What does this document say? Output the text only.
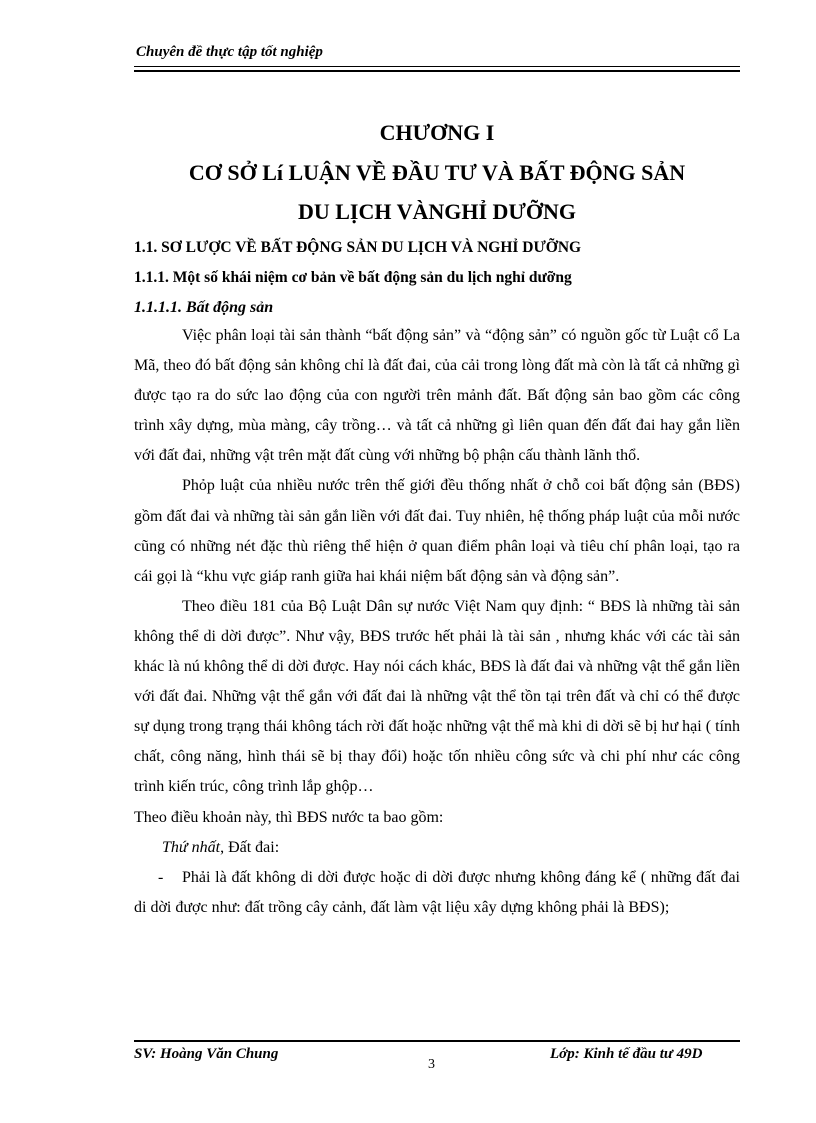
Chuyên đề thực tập tốt nghiệp
CHƯƠNG I
CƠ SỞ Lí LUẬN VỀ ĐẦU TƯ VÀ BẤT ĐỘNG SẢN
DU LỊCH VÀNGHỈ DƯỠNG
1.1. SƠ LƯỢC VỀ BẤT ĐỘNG SẢN DU LỊCH VÀ NGHỈ DƯỠNG
1.1.1. Một số khái niệm cơ bản về bất động sản du lịch nghỉ dưỡng
1.1.1.1. Bất động sản

Việc phân loại tài sản thành “bất động sản” và “động sản” có nguồn gốc từ Luật cổ La Mã, theo đó bất động sản không chỉ là đất đai, của cải trong lòng đất mà còn là tất cả những gì được tạo ra do sức lao động của con người trên mảnh đất. Bất động sản bao gồm các công trình xây dựng, mùa màng, cây trồng… và tất cả những gì liên quan đến đất đai hay gắn liền với đất đai, những vật trên mặt đất cùng với những bộ phận cấu thành lãnh thổ.

Phỏp luật của nhiều nước trên thế giới đều thống nhất ở chỗ coi bất động sản (BĐS) gồm đất đai và những tài sản gắn liền với đất đai. Tuy nhiên, hệ thống pháp luật của mỗi nước cũng có những nét đặc thù riêng thể hiện ở quan điểm phân loại và tiêu chí phân loại, tạo ra cái gọi là “khu vực giáp ranh giữa hai khái niệm bất động sản và động sản”.

Theo điều 181 của Bộ Luật Dân sự nước Việt Nam quy định: “ BĐS là những tài sản không thể di dời được”. Như vậy, BĐS trước hết phải là tài sản , nhưng khác với các tài sản khác là nú không thể di dời được. Hay nói cách khác, BĐS là đất đai và những vật thể gắn liền với đất đai. Những vật thể gắn với đất đai là những vật thể tồn tại trên đất và chỉ có thể được sự dụng trong trạng thái không tách rời đất hoặc những vật thể mà khi di dời sẽ bị hư hại ( tính chất, công năng, hình thái sẽ bị thay đổi) hoặc tốn nhiều công sức và chi phí như các công trình kiến trúc, công trình lắp ghộp…

Theo điều khoản này, thì BĐS nước ta bao gồm:

Thứ nhất, Đất đai:

- Phải là đất không di dời được hoặc di dời được nhưng không đáng kể ( những đất đai di dời được như: đất trồng cây cảnh, đất làm vật liệu xây dựng không phải là BĐS);

SV: Hoàng Văn Chung	Lớp: Kinh tế đầu tư 49D
3
